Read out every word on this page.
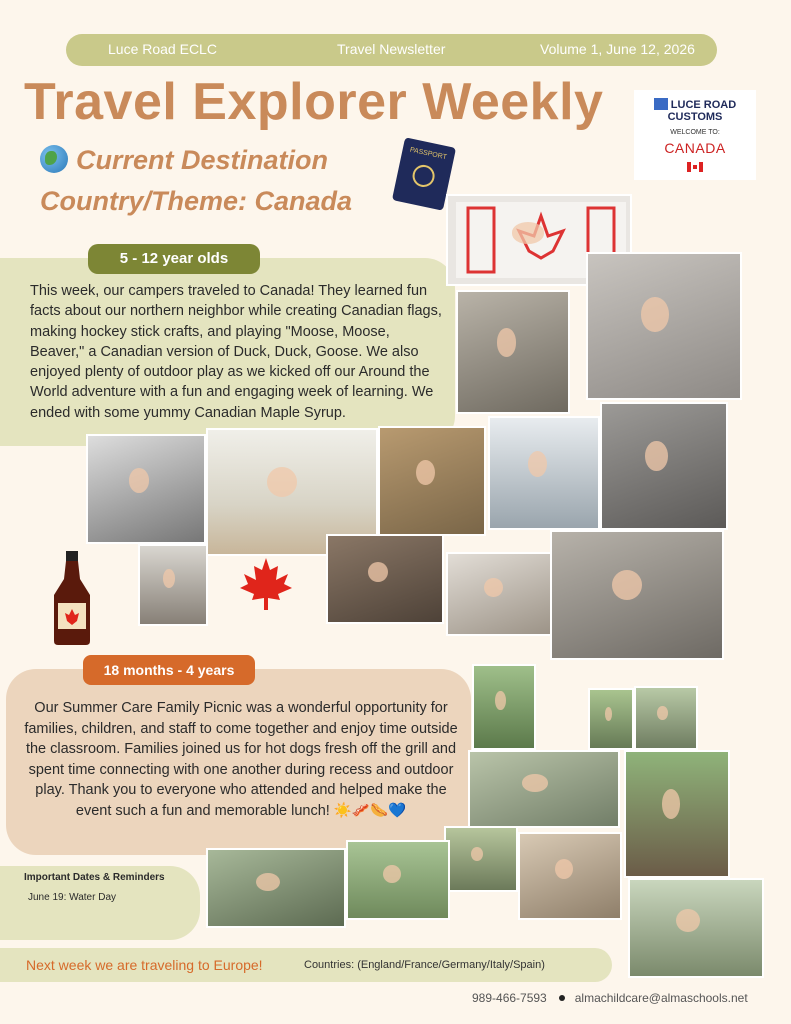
Luce Road ECLC	Travel Newsletter	Volume 1, June 12, 2026
Travel Explorer Weekly
Current Destination
Country/Theme: Canada
PASSPORT
LUCE ROAD CUSTOMS
WELCOME TO:
CANADA
5 - 12 year olds
This week, our campers traveled to Canada! They learned fun facts about our northern neighbor while creating Canadian flags, making hockey stick crafts, and playing "Moose, Moose, Beaver," a Canadian version of Duck, Duck, Goose. We also enjoyed plenty of outdoor play as we kicked off our Around the World adventure with a fun and engaging week of learning. We ended with some yummy Canadian Maple Syrup.
18 months - 4 years
Our Summer Care Family Picnic was a wonderful opportunity for families, children, and staff to come together and enjoy time outside the classroom. Families joined us for hot dogs fresh off the grill and spent time connecting with one another during recess and outdoor play. Thank you to everyone who attended and helped make the event such a fun and memorable lunch! ☀️🥓🌭💙
Important Dates & Reminders
June 19: Water Day
Next week we are traveling to Europe!	Countries: (England/France/Germany/Italy/Spain)
989-466-7593 almachildcare@almaschools.net
